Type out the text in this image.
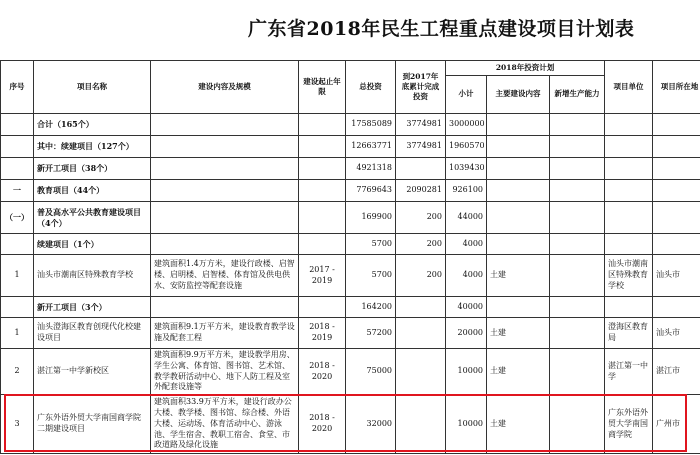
广东省2018年民生工程重点建设项目计划表
序号	项目名称	建设内容及规模	建设起止年限	总投资	到2017年底累计完成投资	2018年投资计划			项目单位	项目所在地
						小计	主要建设内容	新增生产能力		
	合计（165个）			17585089	3774981	3000000				
	其中：续建项目（127个）			12663771	3774981	1960570				
	新开工项目（38个）			4921318		1039430				
一	教育项目（44个）			7769643	2090281	926100				
（一）	普及高水平公共教育建设项目（4个）			169900	200	44000				
	续建项目（1个）			5700	200	4000				
1	汕头市潮南区特殊教育学校	建筑面积1.4万方米，建设行政楼、启智楼、启明楼、启智楼、体育馆及供电供水、安防监控等配套设施	2017 - 2019	5700	200	4000	土建		汕头市潮南区特殊教育学校	汕头市
	新开工项目（3个）			164200		40000				
1	汕头澄海区教育创现代化校建设项目	建筑面积9.1万平方米，建设教育教学设施及配套工程	2018 - 2019	57200		20000	土建		澄海区教育局	汕头市
2	湛江第一中学新校区	建筑面积9.9万平方米，建设教学用房、学生公寓、体育馆、图书馆、艺术馆、教学教研活动中心、地下人防工程及室外配套设施等	2018 - 2020	75000		10000	土建		湛江第一中学	湛江市
3	广东外语外贸大学南国商学院二期建设项目	建筑面积33.9万平方米，建设行政办公大楼、教学楼、图书馆、综合楼、外语大楼、运动场、体育活动中心、游泳池、学生宿舍、教职工宿舍、食堂、市政道路及绿化设施	2018 - 2020	32000		10000	土建		广东外语外贸大学南国商学院	广州市
